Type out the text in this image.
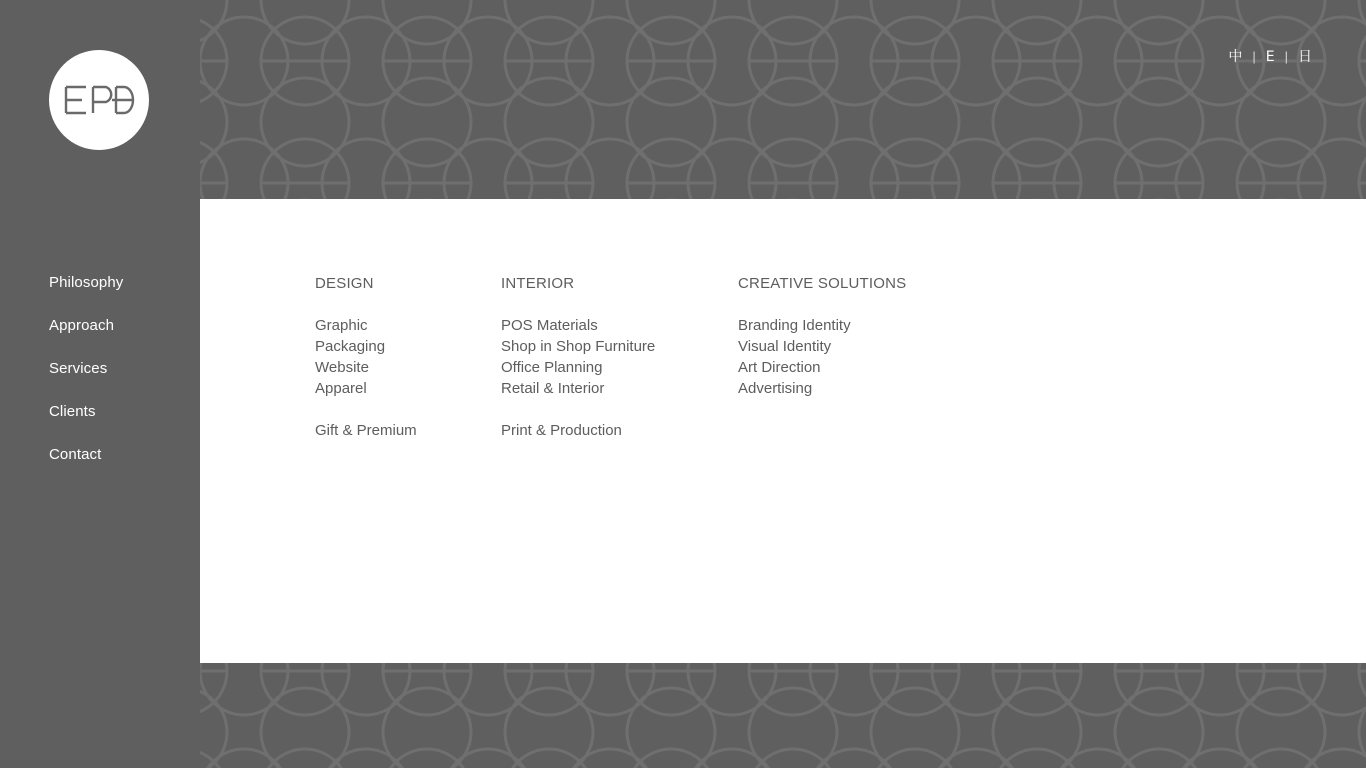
Philosophy
Approach
Services
Clients
Contact
中 | E | 日
DESIGN
Graphic
Packaging
Website
Apparel
Gift & Premium
INTERIOR
POS Materials
Shop in Shop Furniture
Office Planning
Retail & Interior
Print & Production
CREATIVE SOLUTIONS
Branding Identity
Visual Identity
Art Direction
Advertising
